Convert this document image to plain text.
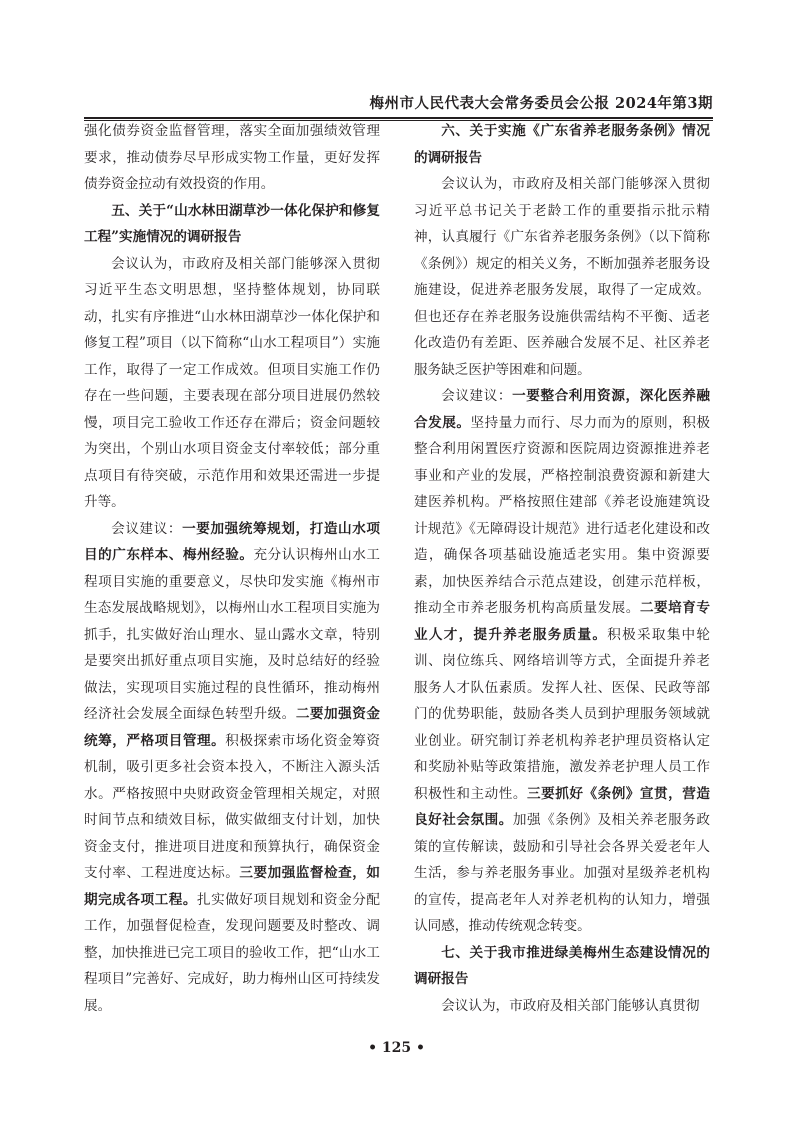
梅州市人民代表大会常务委员会公报 2024年第3期

强化债券资金监督管理，落实全面加强绩效管理要求，推动债券尽早形成实物工作量，更好发挥债券资金拉动有效投资的作用。

五、关于“山水林田湖草沙一体化保护和修复工程”实施情况的调研报告

会议认为，市政府及相关部门能够深入贯彻习近平生态文明思想，坚持整体规划，协同联动，扎实有序推进“山水林田湖草沙一体化保护和修复工程”项目（以下简称“山水工程项目”）实施工作，取得了一定工作成效。但项目实施工作仍存在一些问题，主要表现在部分项目进展仍然较慢，项目完工验收工作还存在滞后；资金问题较为突出，个别山水项目资金支付率较低；部分重点项目有待突破，示范作用和效果还需进一步提升等。

会议建议：一要加强统筹规划，打造山水项目的广东样本、梅州经验。充分认识梅州山水工程项目实施的重要意义，尽快印发实施《梅州市生态发展战略规划》，以梅州山水工程项目实施为抓手，扎实做好治山理水、显山露水文章，特别是要突出抓好重点项目实施，及时总结好的经验做法，实现项目实施过程的良性循环，推动梅州经济社会发展全面绿色转型升级。二要加强资金统筹，严格项目管理。积极探索市场化资金筹资机制，吸引更多社会资本投入，不断注入源头活水。严格按照中央财政资金管理相关规定，对照时间节点和绩效目标，做实做细支付计划，加快资金支付，推进项目进度和预算执行，确保资金支付率、工程进度达标。三要加强监督检查，如期完成各项工程。扎实做好项目规划和资金分配工作，加强督促检查，发现问题要及时整改、调整，加快推进已完工项目的验收工作，把“山水工程项目”完善好、完成好，助力梅州山区可持续发展。

六、关于实施《广东省养老服务条例》情况的调研报告

会议认为，市政府及相关部门能够深入贯彻习近平总书记关于老龄工作的重要指示批示精神，认真履行《广东省养老服务条例》（以下简称《条例》）规定的相关义务，不断加强养老服务设施建设，促进养老服务发展，取得了一定成效。但也还存在养老服务设施供需结构不平衡、适老化改造仍有差距、医养融合发展不足、社区养老服务缺乏医护等困难和问题。

会议建议：一要整合利用资源，深化医养融合发展。坚持量力而行、尽力而为的原则，积极整合利用闲置医疗资源和医院周边资源推进养老事业和产业的发展，严格控制浪费资源和新建大建医养机构。严格按照住建部《养老设施建筑设计规范》《无障碍设计规范》进行适老化建设和改造，确保各项基础设施适老实用。集中资源要素，加快医养结合示范点建设，创建示范样板，推动全市养老服务机构高质量发展。二要培育专业人才，提升养老服务质量。积极采取集中轮训、岗位练兵、网络培训等方式，全面提升养老服务人才队伍素质。发挥人社、医保、民政等部门的优势职能，鼓励各类人员到护理服务领域就业创业。研究制订养老机构养老护理员资格认定和奖励补贴等政策措施，激发养老护理人员工作积极性和主动性。三要抓好《条例》宣贯，营造良好社会氛围。加强《条例》及相关养老服务政策的宣传解读，鼓励和引导社会各界关爱老年人生活，参与养老服务事业。加强对星级养老机构的宣传，提高老年人对养老机构的认知力，增强认同感，推动传统观念转变。

七、关于我市推进绿美梅州生态建设情况的调研报告

会议认为，市政府及相关部门能够认真贯彻

• 125 •
